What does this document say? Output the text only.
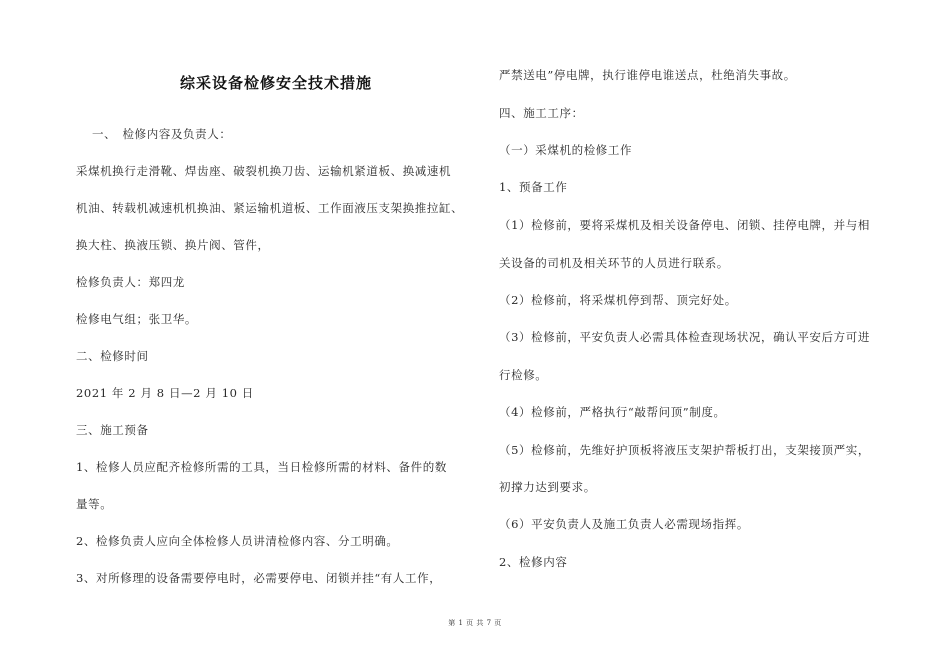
综采设备检修安全技术措施
一、　检修内容及负责人：
采煤机换行走滑靴、焊齿座、破裂机换刀齿、运输机紧道板、换减速机
机油、转载机减速机机换油、紧运输机道板、工作面液压支架换推拉缸、
换大柱、换液压锁、换片阀、管件，
检修负责人：郑四龙
检修电气组；张卫华。
二、检修时间
2021 年 2 月 8 日—2 月 10 日
三、施工预备
1、检修人员应配齐检修所需的工具，当日检修所需的材料、备件的数
量等。
2、检修负责人应向全体检修人员讲清检修内容、分工明确。
3、对所修理的设备需要停电时，必需要停电、闭锁并挂“有人工作，
严禁送电”停电牌，执行谁停电谁送点，杜绝消失事故。
四、施工工序：
（一）采煤机的检修工作
1、预备工作
（1）检修前，要将采煤机及相关设备停电、闭锁、挂停电牌，并与相
关设备的司机及相关环节的人员进行联系。
（2）检修前，将采煤机停到帮、顶完好处。
（3）检修前，平安负责人必需具体检查现场状况，确认平安后方可进
行检修。
（4）检修前，严格执行“敲帮问顶”制度。
（5）检修前，先维好护顶板将液压支架护帮板打出，支架接顶严实，
初撑力达到要求。
（6）平安负责人及施工负责人必需现场指挥。
2、检修内容
第 1 页 共 7 页
